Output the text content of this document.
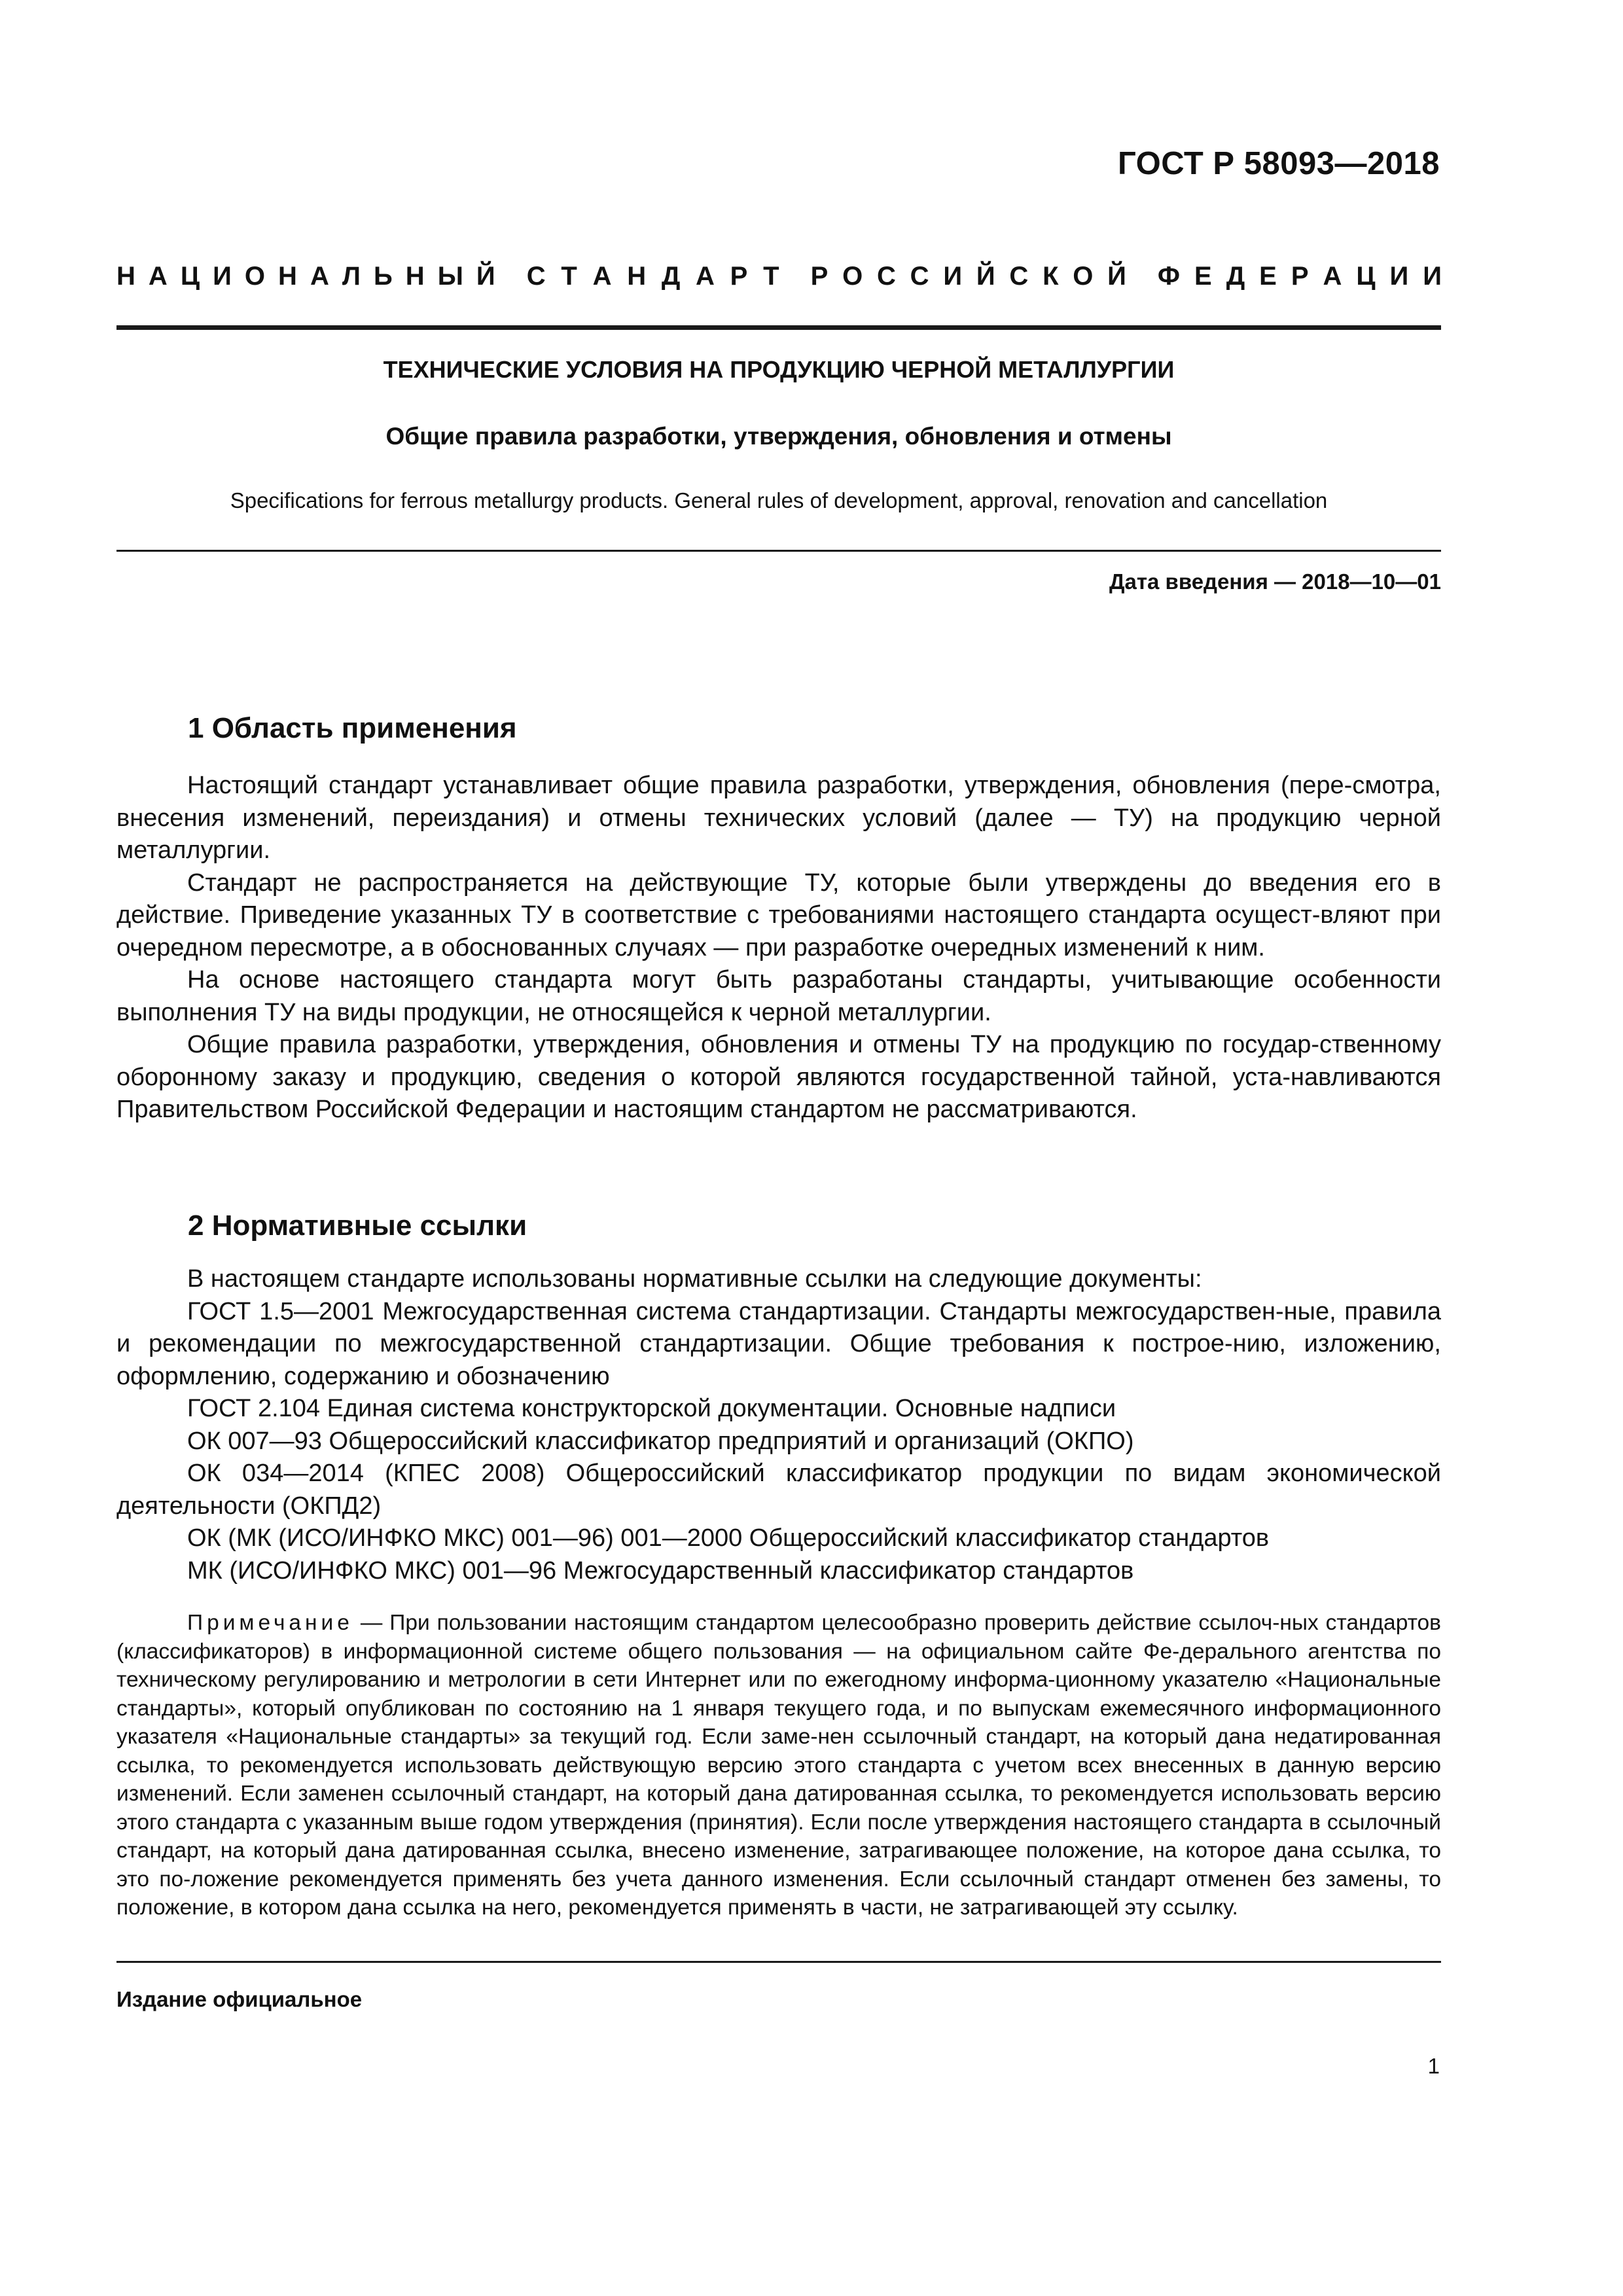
ГОСТ Р 58093—2018
Н А Ц И О Н А Л Ь Н Ы Й С Т А Н Д А Р Т Р О С С И Й С К О Й Ф Е Д Е Р А Ц И И
ТЕХНИЧЕСКИЕ УСЛОВИЯ НА ПРОДУКЦИЮ ЧЕРНОЙ МЕТАЛЛУРГИИ
Общие правила разработки, утверждения, обновления и отмены
Specifications for ferrous metallurgy products. General rules of development, approval, renovation and cancellation
Дата введения — 2018—10—01
1 Область применения

Настоящий стандарт устанавливает общие правила разработки, утверждения, обновления (пере-смотра, внесения изменений, переиздания) и отмены технических условий (далее — ТУ) на продукцию черной металлургии.

Стандарт не распространяется на действующие ТУ, которые были утверждены до введения его в действие. Приведение указанных ТУ в соответствие с требованиями настоящего стандарта осущест-вляют при очередном пересмотре, а в обоснованных случаях — при разработке очередных изменений к ним.

На основе настоящего стандарта могут быть разработаны стандарты, учитывающие особенности выполнения ТУ на виды продукции, не относящейся к черной металлургии.

Общие правила разработки, утверждения, обновления и отмены ТУ на продукцию по государ-ственному оборонному заказу и продукцию, сведения о которой являются государственной тайной, уста-навливаются Правительством Российской Федерации и настоящим стандартом не рассматриваются.

2 Нормативные ссылки

В настоящем стандарте использованы нормативные ссылки на следующие документы:

ГОСТ 1.5—2001 Межгосударственная система стандартизации. Стандарты межгосударствен-ные, правила и рекомендации по межгосударственной стандартизации. Общие требования к построе-нию, изложению, оформлению, содержанию и обозначению

ГОСТ 2.104 Единая система конструкторской документации. Основные надписи

ОК 007—93 Общероссийский классификатор предприятий и организаций (ОКПО)

ОК 034—2014 (КПЕС 2008) Общероссийский классификатор продукции по видам экономической деятельности (ОКПД2)

ОК (МК (ИСО/ИНФКО МКС) 001—96) 001—2000 Общероссийский классификатор стандартов

МК (ИСО/ИНФКО МКС) 001—96 Межгосударственный классификатор стандартов

Примечание — При пользовании настоящим стандартом целесообразно проверить действие ссылоч-ных стандартов (классификаторов) в информационной системе общего пользования — на официальном сайте Фе-дерального агентства по техническому регулированию и метрологии в сети Интернет или по ежегодному информа-ционному указателю «Национальные стандарты», который опубликован по состоянию на 1 января текущего года, и по выпускам ежемесячного информационного указателя «Национальные стандарты» за текущий год. Если заме-нен ссылочный стандарт, на который дана недатированная ссылка, то рекомендуется использовать действующую версию этого стандарта с учетом всех внесенных в данную версию изменений. Если заменен ссылочный стандарт, на который дана датированная ссылка, то рекомендуется использовать версию этого стандарта с указанным выше годом утверждения (принятия). Если после утверждения настоящего стандарта в ссылочный стандарт, на который дана датированная ссылка, внесено изменение, затрагивающее положение, на которое дана ссылка, то это по-ложение рекомендуется применять без учета данного изменения. Если ссылочный стандарт отменен без замены, то положение, в котором дана ссылка на него, рекомендуется применять в части, не затрагивающей эту ссылку.
Издание официальное
1
